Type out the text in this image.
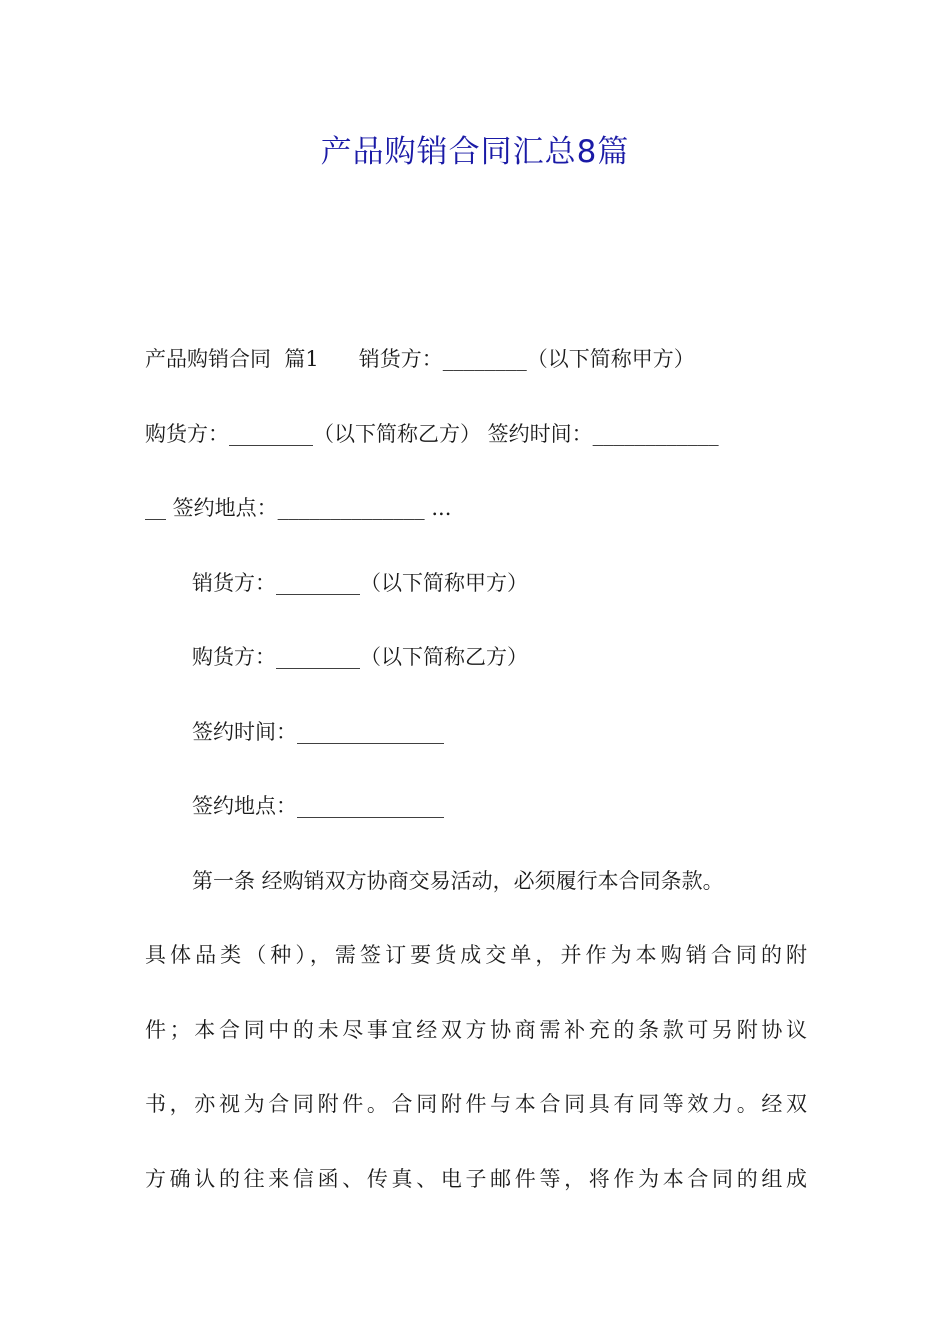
产品购销合同汇总8篇
产品购销合同  篇1      销货方：________（以下简称甲方）
购货方：________（以下简称乙方） 签约时间：____________
__ 签约地点：______________ ...
销货方：________（以下简称甲方）
购货方：________（以下简称乙方）
签约时间：______________
签约地点：______________
第一条 经购销双方协商交易活动，必须履行本合同条款。
具体品类（种），需签订要货成交单，并作为本购销合同的附
件；本合同中的未尽事宜经双方协商需补充的条款可另附协议
书，亦视为合同附件。合同附件与本合同具有同等效力。经双
方确认的往来信函、传真、电子邮件等，将作为本合同的组成
